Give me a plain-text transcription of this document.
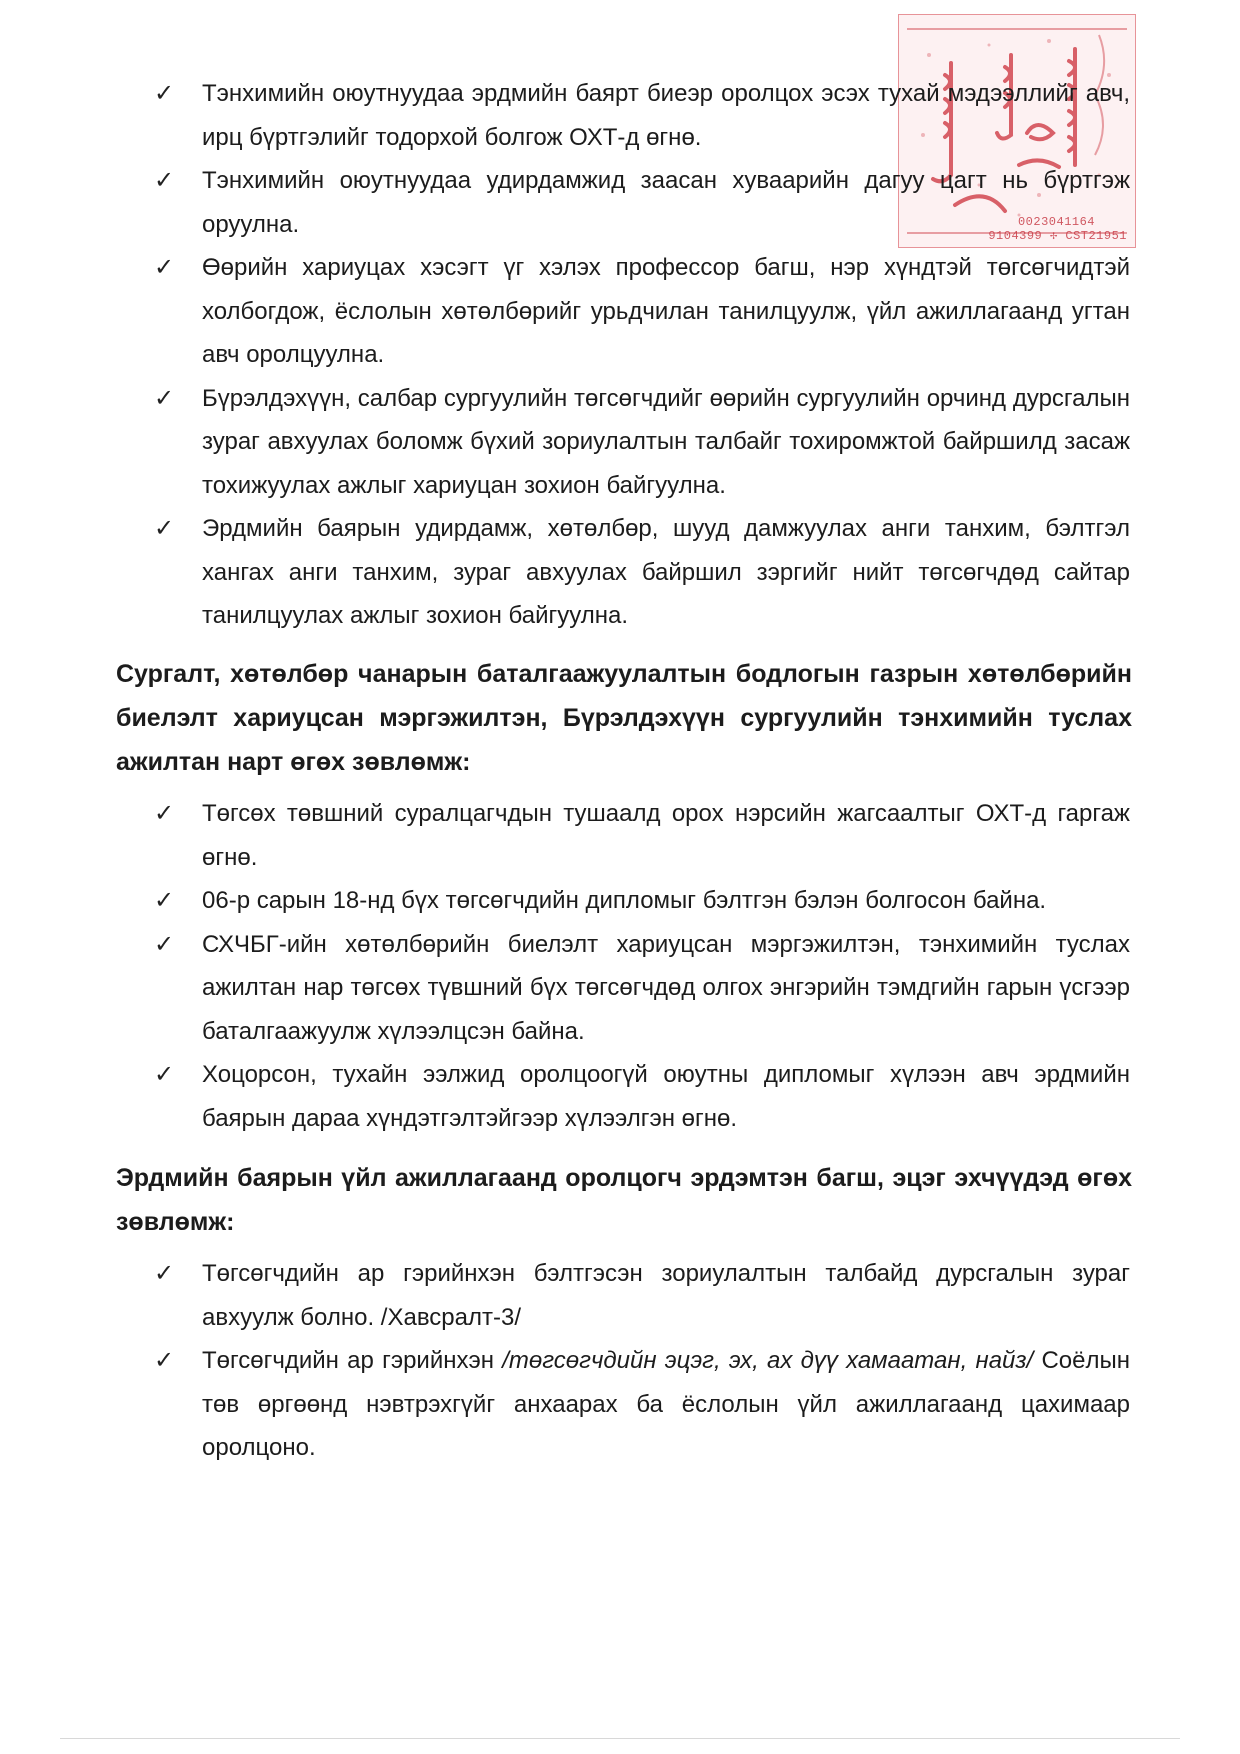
0023041164
9104399 ✢ CST21951
✓ Тэнхимийн оюутнуудаа эрдмийн баярт биеэр оролцох эсэх тухай мэдээллийг авч, ирц бүртгэлийг тодорхой болгож ОХТ-д өгнө.
✓ Тэнхимийн оюутнуудаа удирдамжид заасан хуваарийн дагуу цагт нь бүртгэж оруулна.
✓ Өөрийн хариуцах хэсэгт үг хэлэх профессор багш, нэр хүндтэй төгсөгчидтэй холбогдож, ёслолын хөтөлбөрийг урьдчилан танилцуулж, үйл ажиллагаанд угтан авч оролцуулна.
✓ Бүрэлдэхүүн, салбар сургуулийн төгсөгчдийг өөрийн сургуулийн орчинд дурсгалын зураг авхуулах боломж бүхий зориулалтын талбайг тохиромжтой байршилд засаж тохижуулах ажлыг хариуцан зохион байгуулна.
✓ Эрдмийн баярын удирдамж, хөтөлбөр, шууд дамжуулах анги танхим, бэлтгэл хангах анги танхим, зураг авхуулах байршил зэргийг нийт төгсөгчдөд сайтар танилцуулах ажлыг зохион байгуулна.
Сургалт, хөтөлбөр чанарын баталгаажуулалтын бодлогын газрын хөтөлбөрийн биелэлт хариуцсан мэргэжилтэн, Бүрэлдэхүүн сургуулийн тэнхимийн туслах ажилтан нарт өгөх зөвлөмж:
✓ Төгсөх төвшний суралцагчдын тушаалд орох нэрсийн жагсаалтыг ОХТ-д гаргаж өгнө.
✓ 06-р сарын 18-нд бүх төгсөгчдийн дипломыг бэлтгэн бэлэн болгосон байна.
✓ СХЧБГ-ийн хөтөлбөрийн биелэлт хариуцсан мэргэжилтэн, тэнхимийн туслах ажилтан нар төгсөх түвшний бүх төгсөгчдөд олгох энгэрийн тэмдгийн гарын үсгээр баталгаажуулж хүлээлцсэн байна.
✓ Хоцорсон, тухайн ээлжид оролцоогүй оюутны дипломыг хүлээн авч эрдмийн баярын дараа хүндэтгэлтэйгээр хүлээлгэн өгнө.
Эрдмийн баярын үйл ажиллагаанд оролцогч эрдэмтэн багш, эцэг эхчүүдэд өгөх зөвлөмж:
✓ Төгсөгчдийн ар гэрийнхэн бэлтгэсэн зориулалтын талбайд дурсгалын зураг авхуулж болно. /Хавсралт-3/
✓ Төгсөгчдийн ар гэрийнхэн /төгсөгчдийн эцэг, эх, ах дүү хамаатан, найз/ Соёлын төв өргөөнд нэвтрэхгүйг анхаарах ба ёслолын үйл ажиллагаанд цахимаар оролцоно.
